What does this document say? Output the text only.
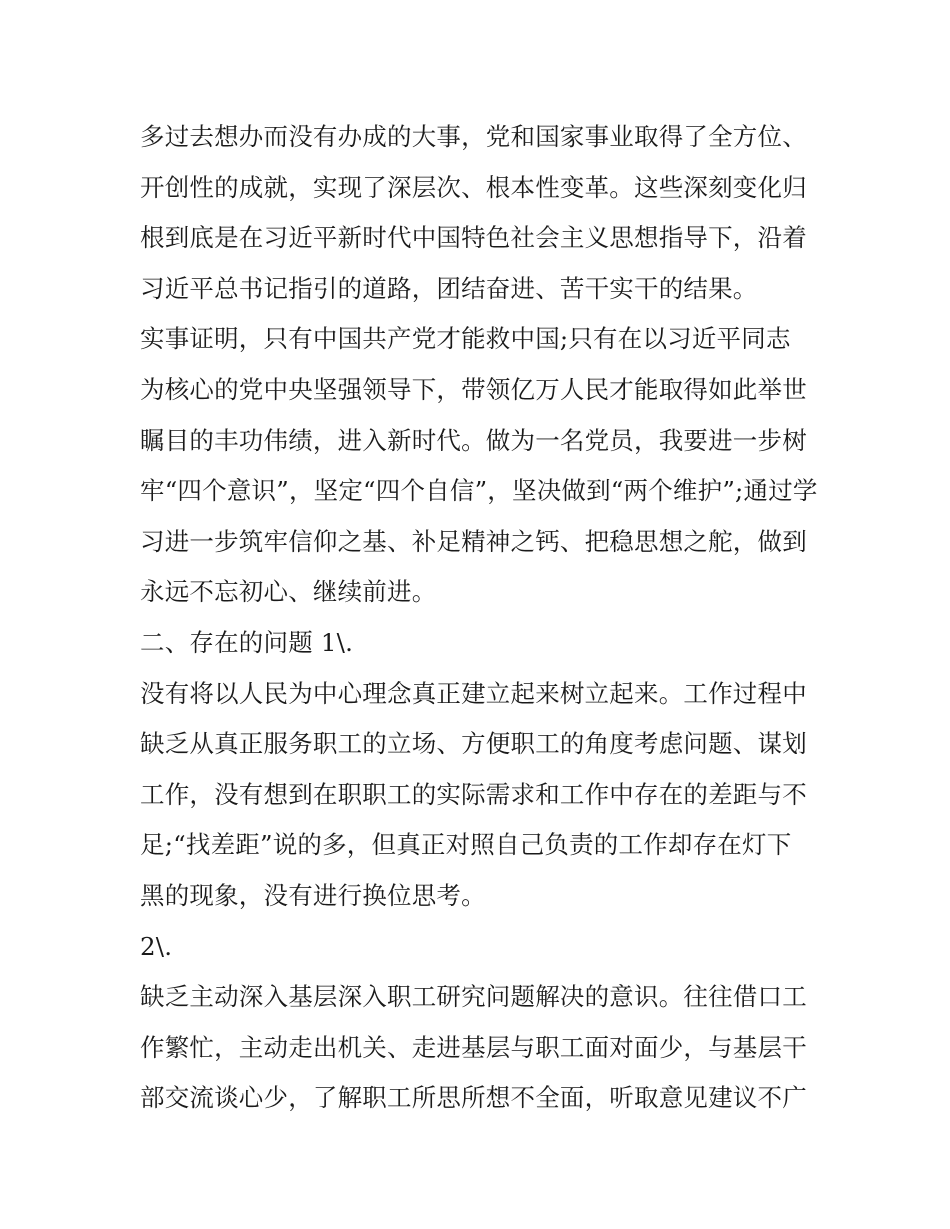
多过去想办而没有办成的大事，党和国家事业取得了全方位、
开创性的成就，实现了深层次、根本性变革。这些深刻变化归
根到底是在习近平新时代中国特色社会主义思想指导下，沿着
习近平总书记指引的道路，团结奋进、苦干实干的结果。
实事证明，只有中国共产党才能救中国;只有在以习近平同志
为核心的党中央坚强领导下，带领亿万人民才能取得如此举世
瞩目的丰功伟绩，进入新时代。做为一名党员，我要进一步树
牢“四个意识”，坚定“四个自信”，坚决做到“两个维护”;通过学
习进一步筑牢信仰之基、补足精神之钙、把稳思想之舵，做到
永远不忘初心、继续前进。
二、存在的问题 1\.
没有将以人民为中心理念真正建立起来树立起来。工作过程中
缺乏从真正服务职工的立场、方便职工的角度考虑问题、谋划
工作，没有想到在职职工的实际需求和工作中存在的差距与不
足;“找差距”说的多，但真正对照自己负责的工作却存在灯下
黑的现象，没有进行换位思考。
2\.
缺乏主动深入基层深入职工研究问题解决的意识。往往借口工
作繁忙，主动走出机关、走进基层与职工面对面少，与基层干
部交流谈心少，了解职工所思所想不全面，听取意见建议不广
